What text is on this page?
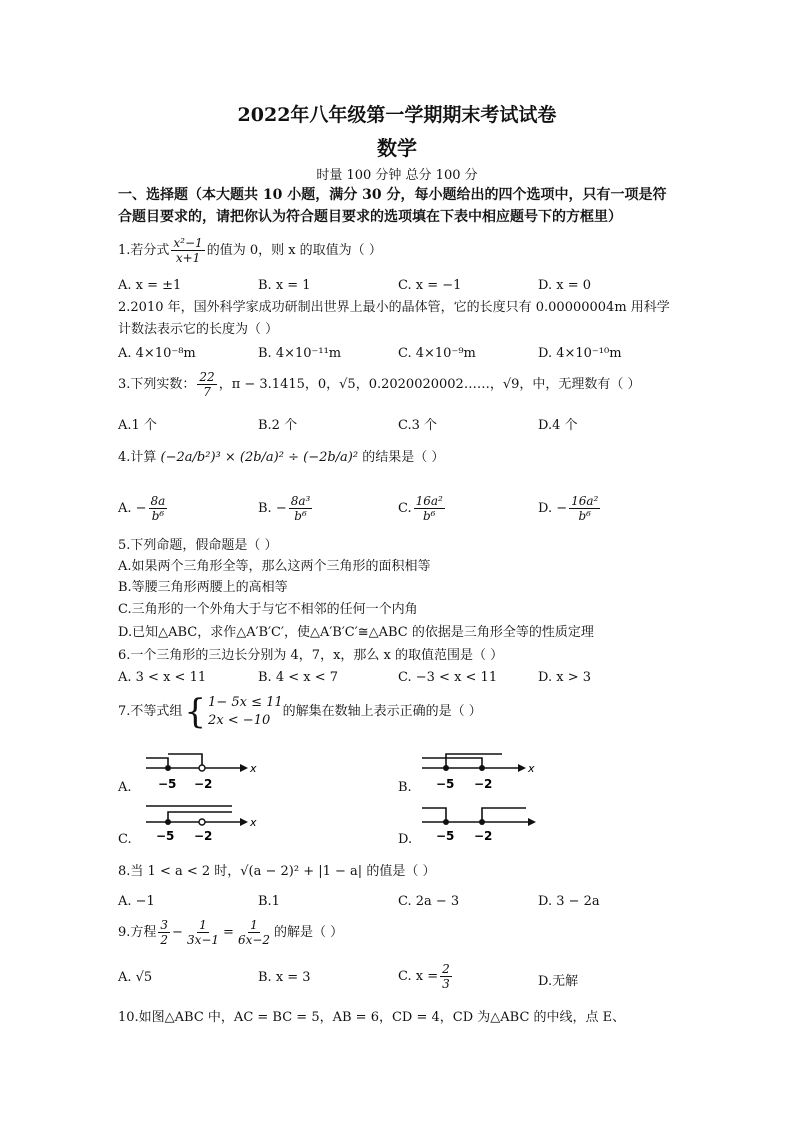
2022年八年级第一学期期末考试试卷
数学
时量 100 分钟 总分 100 分
一、选择题（本大题共 10 小题，满分 30 分，每小题给出的四个选项中，只有一项是符合题目要求的，请把你认为符合题目要求的选项填在下表中相应题号下的方框里）
1.若分式 $\frac{\text{x²−1}}{x+1}$ 的值为 0，则 x 的取值为（ ）
A. x = ±1	B. x = 1	C. x = −1	D. x = 0
2.2010 年，国外科学家成功研制出世界上最小的晶体管，它的长度只有 0.00000004m 用科学
计数法表示它的长度为（ ）
A. 4×10⁻⁸m	B. 4×10⁻¹¹m	C. 4×10⁻⁹m	D. 4×10⁻¹⁰m
3.下列实数： $\frac{22}{7}$ ，π − 3.1415，0，√5，0.2020020002……，√9，中，无理数有（ ）
A.1 个	B.2 个	C.3 个	D.4 个
4.计算 (−2a/b²)³ × (2b/a)² ÷ (−2b/a)² 的结果是（ ）
A. − $\frac{8a}{\text{b⁶}}$	B. − $\frac{\text{8a³}}{\text{b⁶}}$	C. $\frac{\text{16a²}}{\text{b⁶}}$	D. − $\frac{\text{16a²}}{\text{b⁶}}$
5.下列命题，假命题是（ ）
A.如果两个三角形全等，那么这两个三角形的面积相等
B.等腰三角形两腰上的高相等
C.三角形的一个外角大于与它不相邻的任何一个内角
D.已知△ABC，求作△A′B′C′，使△A′B′C′≅△ABC 的依据是三角形全等的性质定理
6.一个三角形的三边长分别为 4，7，x，那么 x 的取值范围是（ ）
A. 3 < x < 11	B. 4 < x < 7	C. −3 < x < 11	D. x > 3
7.不等式组 { 1− 5x ≤ 11
2x < −10
的解集在数轴上表示正确的是（ ）
A.
x
−5 −2	B.
x
−5 −2
C.
x
−5 −2	D. −5 −2
8.当 1 < a < 2 时，√(a − 2)² + |1 − a| 的值是（ ）
A. −1	B.1	C. 2a − 3	D. 3 − 2a
9.方程 $\frac{3}{2} - \frac{1}{3x-1} = \frac{1}{6x-2}$ 的解是（ ）
A. √5	B. x = 3	C. $x = \frac{2}{3}$	D.无解
10.如图△ABC 中，AC = BC = 5，AB = 6，CD = 4，CD 为△ABC 的中线，点 E、
